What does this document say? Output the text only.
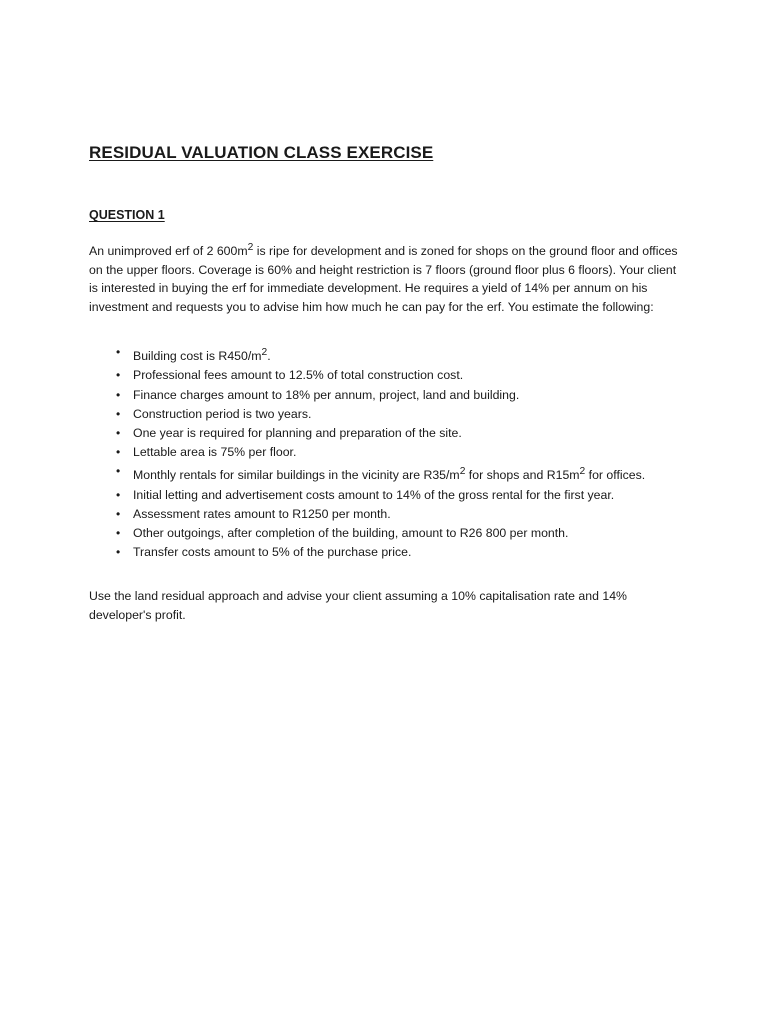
RESIDUAL VALUATION CLASS EXERCISE
QUESTION 1

An unimproved erf of 2 $600m^2$ is ripe for development and is zoned for shops on the ground floor and offices on the upper floors. Coverage is 60% and height restriction is 7 floors (ground floor plus 6 floors). Your client is interested in buying the erf for immediate development. He requires a yield of 14% per annum on his investment and requests you to advise him how much he can pay for the erf. You estimate the following:

• Building cost is $R450/m^2$.
• Professional fees amount to 12.5% of total construction cost.
• Finance charges amount to 18% per annum, project, land and building.
• Construction period is two years.
• One year is required for planning and preparation of the site.
• Lettable area is 75% per floor.
• Monthly rentals for similar buildings in the vicinity are $R35/m^2$ for shops and $R15m^2$ for offices.
• Initial letting and advertisement costs amount to 14% of the gross rental for the first year.
• Assessment rates amount to R1250 per month.
• Other outgoings, after completion of the building, amount to R26 800 per month.
• Transfer costs amount to 5% of the purchase price.

Use the land residual approach and advise your client assuming a 10% capitalisation rate and 14% developer's profit.
